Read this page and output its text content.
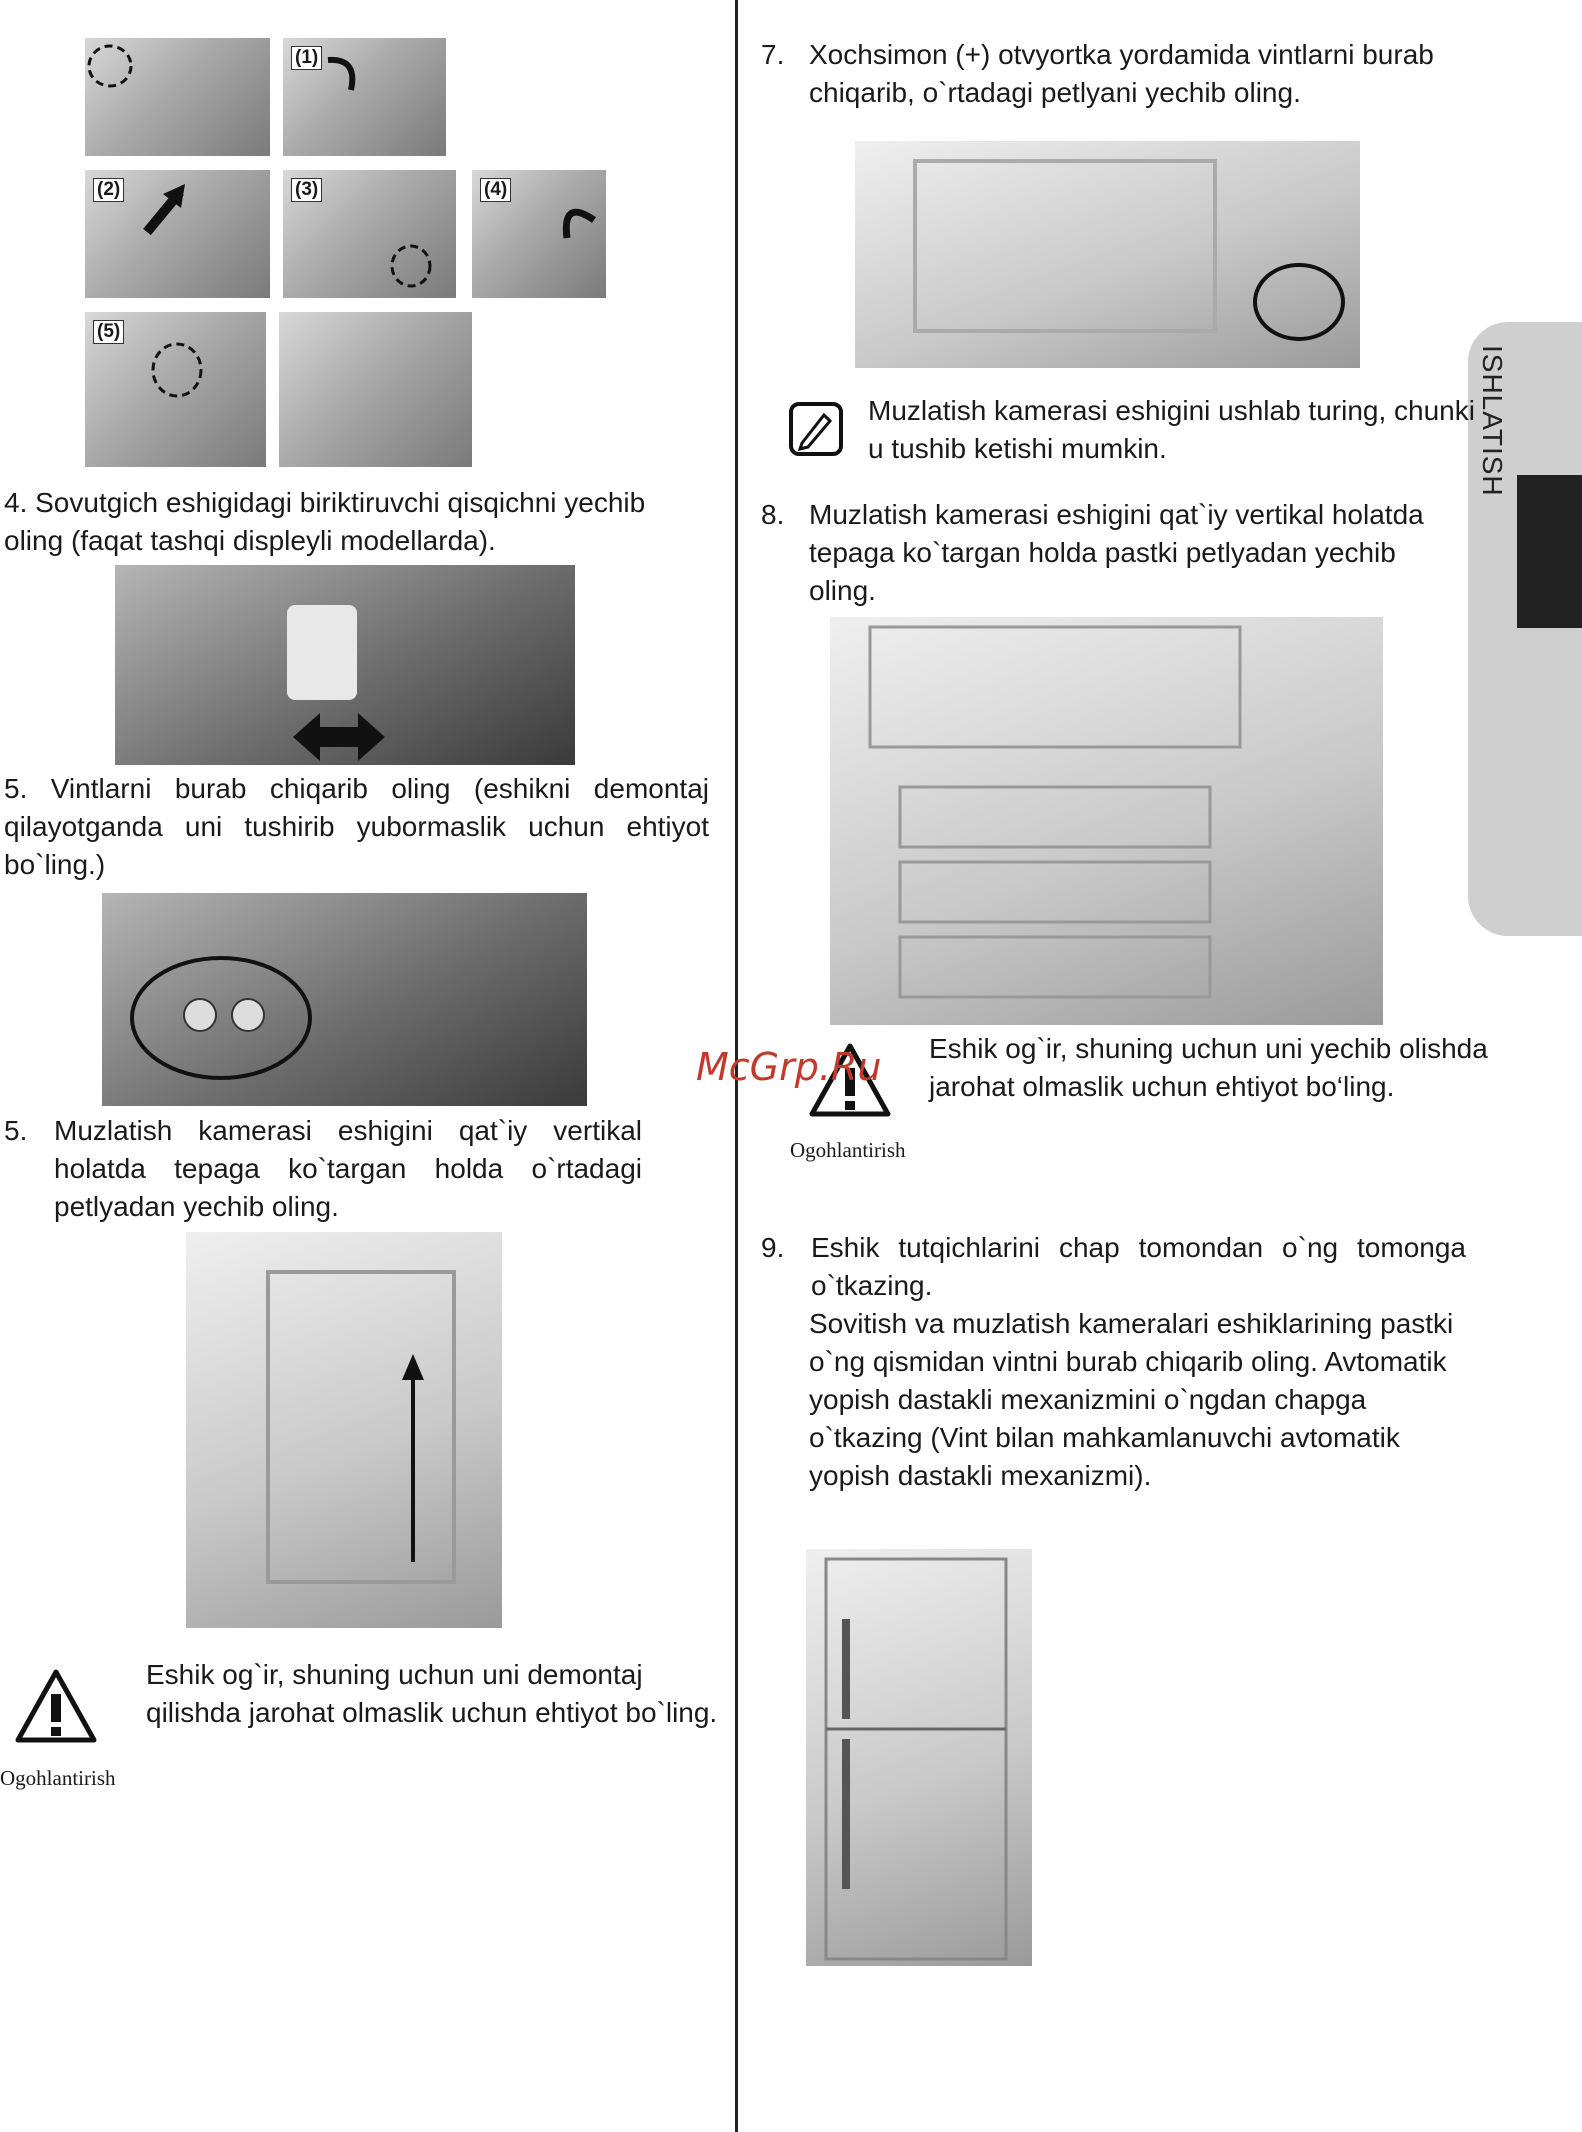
ISHLATISH
(1)
(2)	(3)	(4)
(5)

4. Sovutgich eshigidagi biriktiruvchi qisqichni yechib oling (faqat tashqi displeyli modellarda).

5. Vintlarni burab chiqarib oling (eshikni demontaj qilayotganda uni tushirib yubormaslik uchun ehtiyot bo`ling.)

5. Muzlatish kamerasi eshigini qat`iy vertikal holatda tepaga ko`targan holda o`rtadagi petlyadan yechib oling.

Ogohlantirish

Eshik og`ir, shuning uchun uni demontaj qilishda jarohat olmaslik uchun ehtiyot bo`ling.

7. Xochsimon (+) otvyortka yordamida vintlarni burab chiqarib, o`rtadagi petlyani yechib oling.

Muzlatish kamerasi eshigini ushlab turing, chunki u tushib ketishi mumkin.

8. Muzlatish kamerasi eshigini qat`iy vertikal holatda tepaga ko`targan holda pastki petlyadan yechib oling.

Ogohlantirish

Eshik og`ir, shuning uchun uni yechib olishda jarohat olmaslik uchun ehtiyot bo‘ling.

McGrp.Ru
9. Eshik tutqichlarini chap tomondan o`ng tomonga o`tkazing.

Sovitish va muzlatish kameralari eshiklarining pastki o`ng qismidan vintni burab chiqarib oling. Avtomatik yopish dastakli mexanizmini o`ngdan chapga o`tkazing (Vint bilan mahkamlanuvchi avtomatik yopish dastakli mexanizmi).
